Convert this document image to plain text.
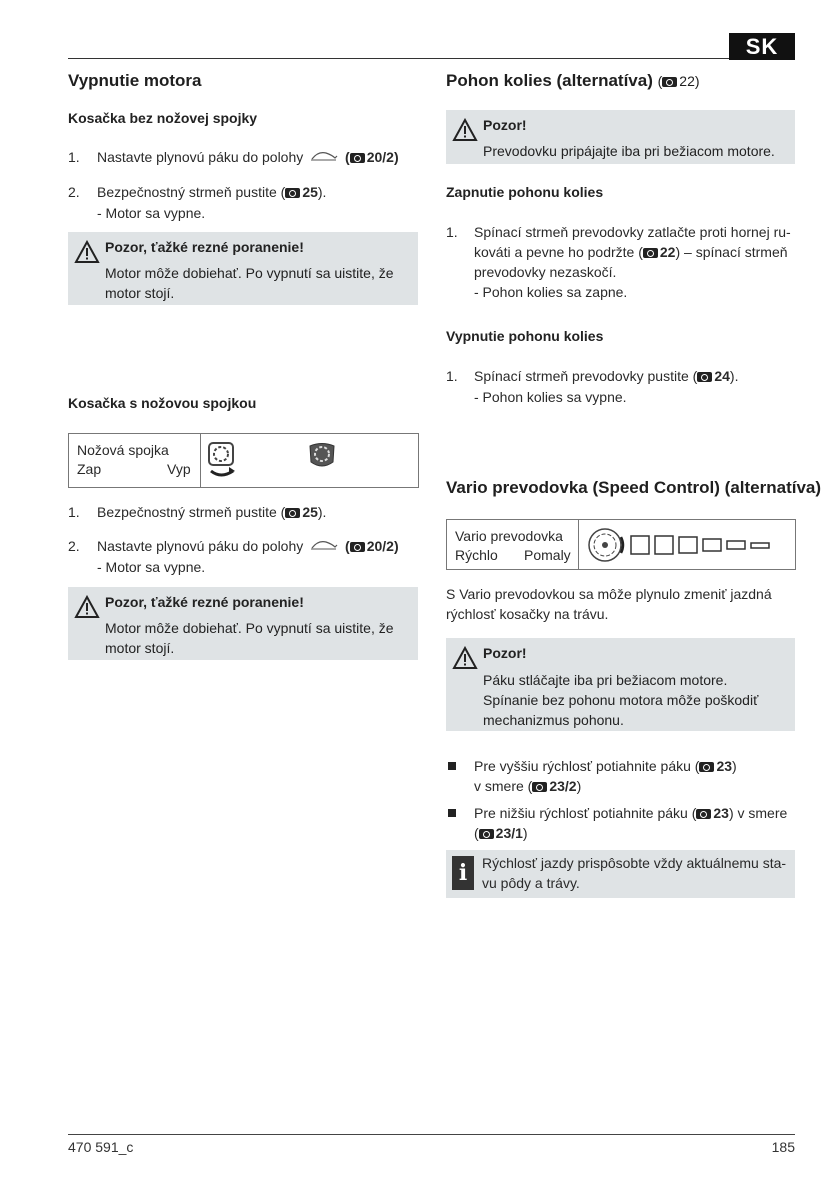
SK
Vypnutie motora
Kosačka bez nožovej spojky
1.	Nastavte plynovú páku do polohy	( 20/2)
2.	Bezpečnostný strmeň pustite ( 25).
- Motor sa vypne.
Pozor, ťažké rezné poranenie!
Motor môže dobiehať. Po vypnutí sa uistite, že
motor stojí.
Kosačka s nožovou spojkou
Nožová spojka
Zap	Vyp
1.	Bezpečnostný strmeň pustite ( 25).
2.	Nastavte plynovú páku do polohy	( 20/2)
- Motor sa vypne.
Pozor, ťažké rezné poranenie!
Motor môže dobiehať. Po vypnutí sa uistite, že
motor stojí.
Pohon kolies (alternatíva) ( 22)
Pozor!
Prevodovku pripájajte iba pri bežiacom motore.
Zapnutie pohonu kolies
1.	Spínací strmeň prevodovky zatlačte proti hornej ru-
kováti a pevne ho podržte ( 22) – spínací strmeň
prevodovky nezaskočí.
- Pohon kolies sa zapne.
Vypnutie pohonu kolies
1.	Spínací strmeň prevodovky pustite ( 24).
- Pohon kolies sa vypne.
Vario prevodovka (Speed Control) (alternatíva)
Vario prevodovka
Rýchlo Pomaly
S Vario prevodovkou sa môže plynulo zmeniť jazdná
rýchlosť kosačky na trávu.
Pozor!
Páku stláčajte iba pri bežiacom motore.
Spínanie bez pohonu motora môže poškodiť
mechanizmus pohonu.
Pre vyššiu rýchlosť potiahnite páku ( 23)
v smere ( 23/2)
Pre nižšiu rýchlosť potiahnite páku ( 23) v smere
( 23/1)
i	Rýchlosť jazdy prispôsobte vždy aktuálnemu sta-
vu pôdy a trávy.
470 591_c	185
